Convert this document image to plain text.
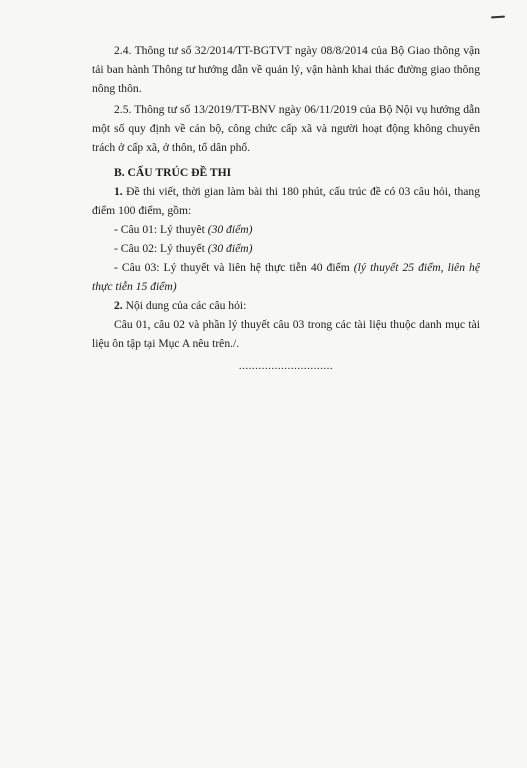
2.4. Thông tư số 32/2014/TT-BGTVT ngày 08/8/2014 của Bộ Giao thông vận tải ban hành Thông tư hướng dẫn về quản lý, vận hành khai thác đường giao thông nông thôn.

2.5. Thông tư số 13/2019/TT-BNV ngày 06/11/2019 của Bộ Nội vụ hướng dẫn một số quy định về cán bộ, công chức cấp xã và người hoạt động không chuyên trách ở cấp xã, ở thôn, tổ dân phố.

B. CẤU TRÚC ĐỀ THI

1. Đề thi viết, thời gian làm bài thi 180 phút, cấu trúc đề có 03 câu hỏi, thang điểm 100 điểm, gồm:

- Câu 01: Lý thuyêt (30 điểm)

- Câu 02: Lý thuyết (30 điểm)

- Câu 03: Lý thuyết và liên hệ thực tiễn 40 điểm (lý thuyết 25 điểm, liên hệ thực tiễn 15 điểm)

2. Nội dung của các câu hỏi:

Câu 01, câu 02 và phần lý thuyết câu 03 trong các tài liệu thuộc danh mục tài liệu ôn tập tại Mục A nêu trên./.

.............................
